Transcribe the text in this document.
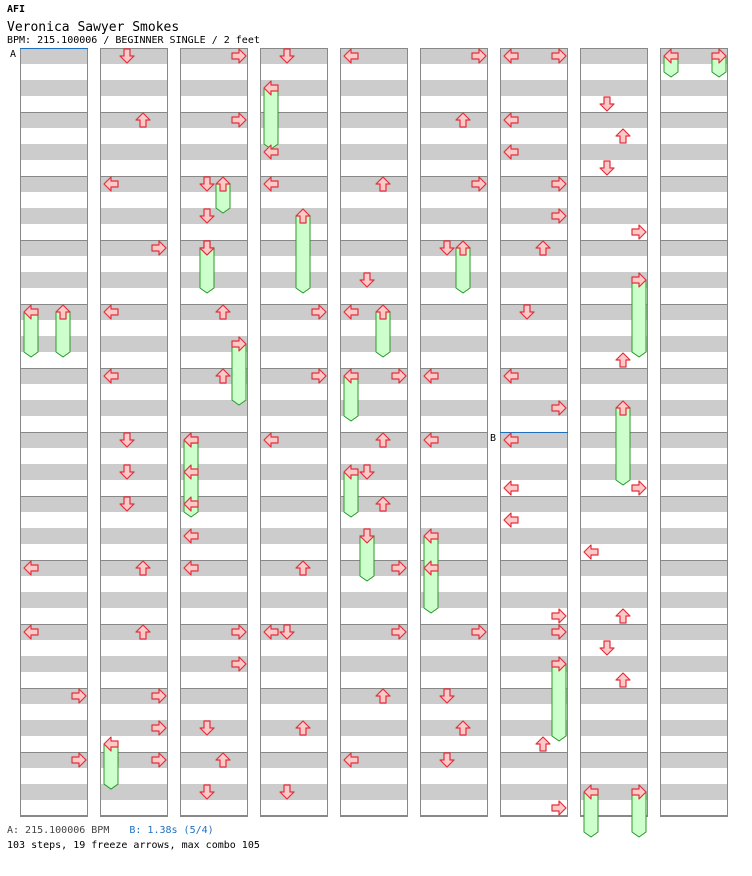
AFI
Veronica Sawyer Smokes
BPM: 215.100006 / BEGINNER SINGLE / 2 feet
A
B
A: 215.100006 BPM B: 1.38s (5/4)
103 steps, 19 freeze arrows, max combo 105
